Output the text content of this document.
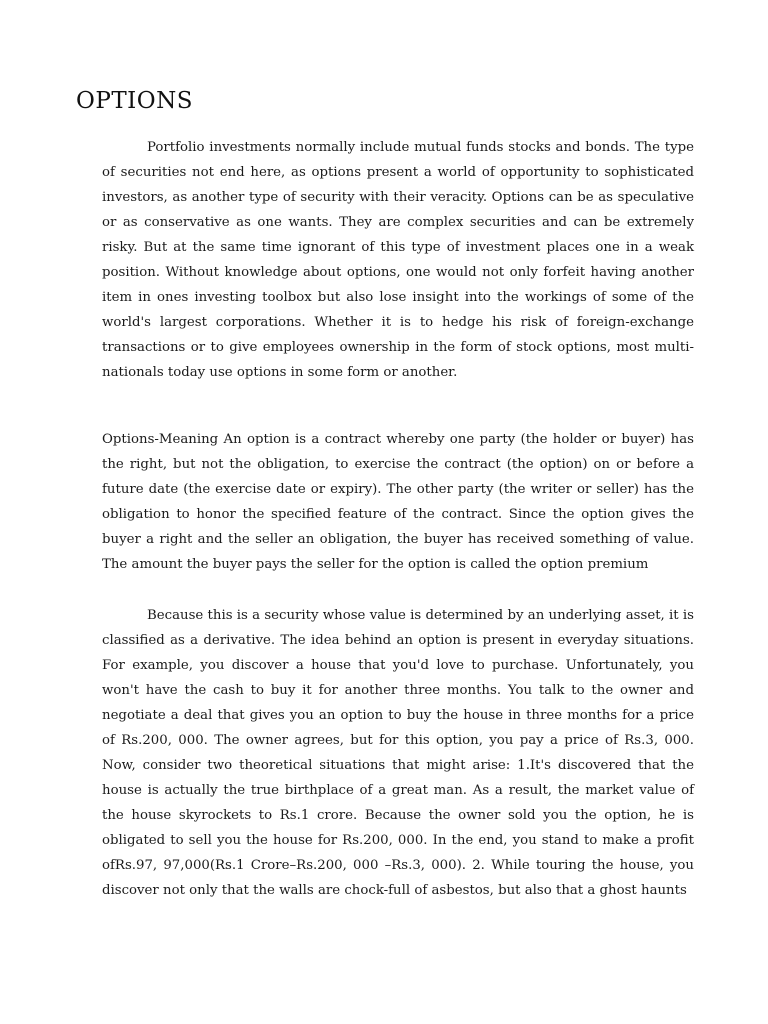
OPTIONS

Portfolio investments normally include mutual funds stocks and bonds. The type of securities not end here, as options present a world of opportunity to sophisticated investors, as another type of security with their veracity. Options can be as speculative or as conservative as one wants. They are complex securities and can be extremely risky. But at the same time ignorant of this type of investment places one in a weak position. Without knowledge about options, one would not only forfeit having another item in ones investing toolbox but also lose insight into the workings of some of the world's largest corporations. Whether it is to hedge his risk of foreign-exchange transactions or to give employees ownership in the form of stock options, most multi-nationals today use options in some form or another.

Options-Meaning An option is a contract whereby one party (the holder or buyer) has the right, but not the obligation, to exercise the contract (the option) on or before a future date (the exercise date or expiry). The other party (the writer or seller) has the obligation to honor the specified feature of the contract. Since the option gives the buyer a right and the seller an obligation, the buyer has received something of value. The amount the buyer pays the seller for the option is called the option premium

Because this is a security whose value is determined by an underlying asset, it is classified as a derivative. The idea behind an option is present in everyday situations. For example, you discover a house that you'd love to purchase. Unfortunately, you won't have the cash to buy it for another three months. You talk to the owner and negotiate a deal that gives you an option to buy the house in three months for a price of Rs.200, 000. The owner agrees, but for this option, you pay a price of Rs.3, 000. Now, consider two theoretical situations that might arise: 1.It's discovered that the house is actually the true birthplace of a great man. As a result, the market value of the house skyrockets to Rs.1 crore. Because the owner sold you the option, he is obligated to sell you the house for Rs.200, 000. In the end, you stand to make a profit ofRs.97, 97,000(Rs.1 Crore–Rs.200, 000 –Rs.3, 000). 2. While touring the house, you discover not only that the walls are chock-full of asbestos, but also that a ghost haunts
